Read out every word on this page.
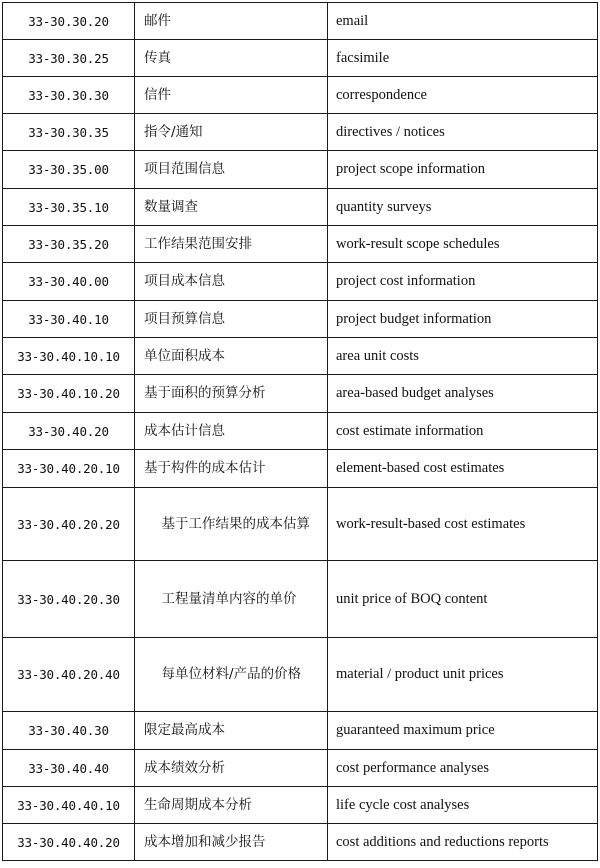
33-30.30.20	邮件	email
33-30.30.25	传真	facsimile
33-30.30.30	信件	correspondence
33-30.30.35	指令/通知	directives / notices
33-30.35.00	项目范围信息	project scope information
33-30.35.10	数量调查	quantity surveys
33-30.35.20	工作结果范围安排	work-result scope schedules
33-30.40.00	项目成本信息	project cost information
33-30.40.10	项目预算信息	project budget information
33-30.40.10.10	单位面积成本	area unit costs
33-30.40.10.20	基于面积的预算分析	area-based budget analyses
33-30.40.20	成本估计信息	cost estimate information
33-30.40.20.10	基于构件的成本估计	element-based cost estimates
33-30.40.20.20	基于工作结果的成本估算	work-result-based cost estimates
33-30.40.20.30	工程量清单内容的单价	unit price of BOQ content
33-30.40.20.40	每单位材料/产品的价格	material / product unit prices
33-30.40.30	限定最高成本	guaranteed maximum price
33-30.40.40	成本绩效分析	cost performance analyses
33-30.40.40.10	生命周期成本分析	life cycle cost analyses
33-30.40.40.20	成本增加和减少报告	cost additions and reductions reports
